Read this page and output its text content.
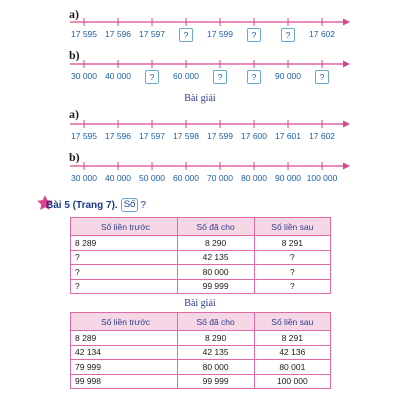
a)
17 595 17 596 17 597	?	17 599	?	?	17 602
b)
30 000 40 000	?	60 000	?	?	90 000	?
Bài giải
a)
17 595 17 596 17 597 17 598 17 599 17 600 17 601 17 602
b)
30 000 40 000 50 000 60 000 70 000 80 000 90 000 100 000
Bài 5 (Trang 7). Số ?
Số liền trước	Số đã cho	Số liền sau
8 289	8 290	8 291
?	42 135	?
?	80 000	?
?	99 999	?
Bài giải
Số liền trước	Số đã cho	Số liền sau
8 289	8 290	8 291
42 134	42 135	42 136
79 999	80 000	80 001
99 998	99 999	100 000
